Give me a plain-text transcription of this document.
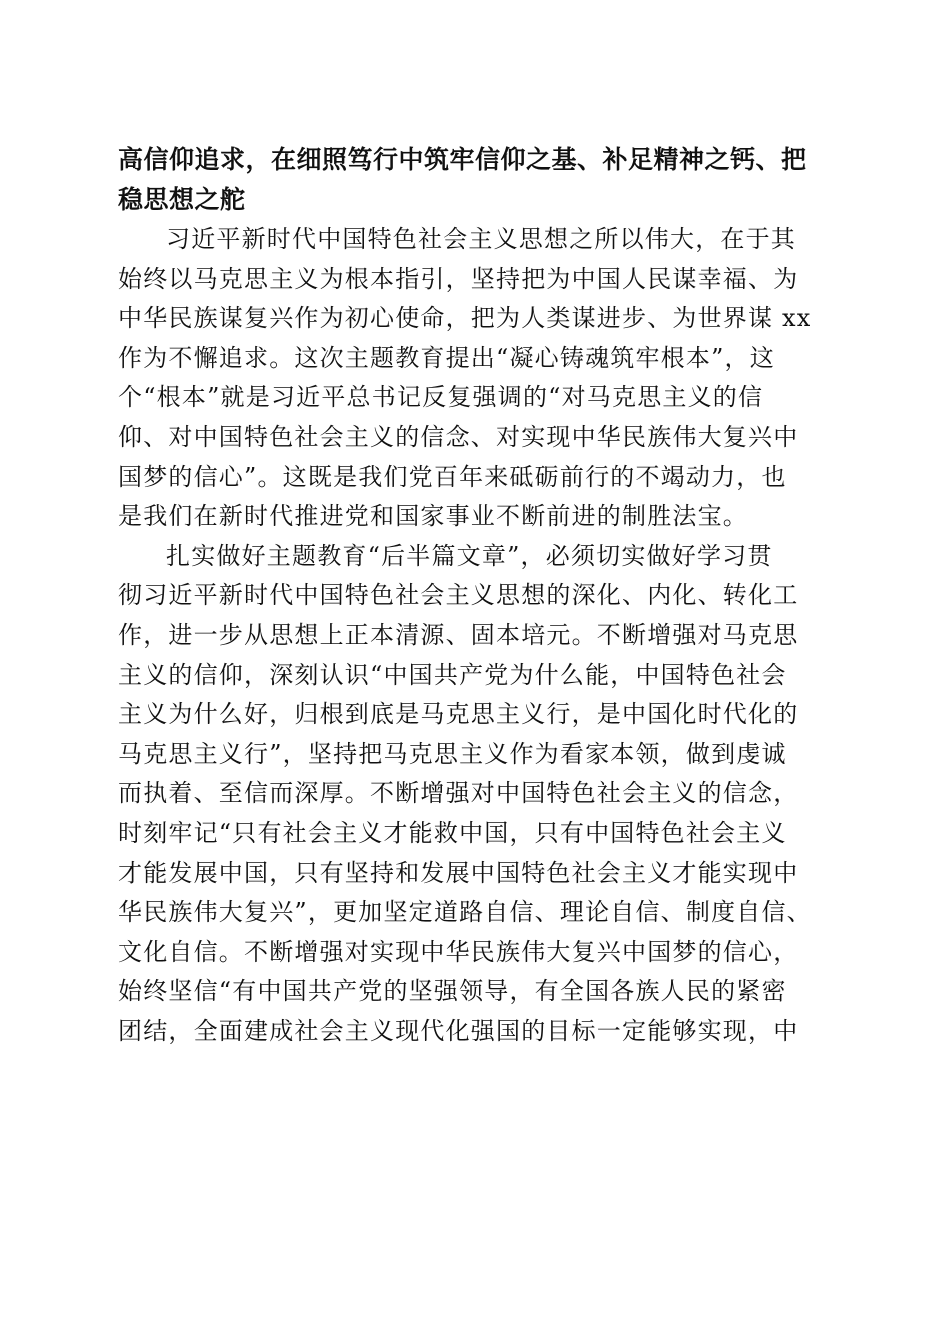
高信仰追求，在细照笃行中筑牢信仰之基、补足精神之钙、把
稳思想之舵
习近平新时代中国特色社会主义思想之所以伟大，在于其
始终以马克思主义为根本指引，坚持把为中国人民谋幸福、为
中华民族谋复兴作为初心使命，把为人类谋进步、为世界谋 xx
作为不懈追求。这次主题教育提出“凝心铸魂筑牢根本”，这
个“根本”就是习近平总书记反复强调的“对马克思主义的信
仰、对中国特色社会主义的信念、对实现中华民族伟大复兴中
国梦的信心”。这既是我们党百年来砥砺前行的不竭动力，也
是我们在新时代推进党和国家事业不断前进的制胜法宝。
扎实做好主题教育“后半篇文章”，必须切实做好学习贯
彻习近平新时代中国特色社会主义思想的深化、内化、转化工
作，进一步从思想上正本清源、固本培元。不断增强对马克思
主义的信仰，深刻认识“中国共产党为什么能，中国特色社会
主义为什么好，归根到底是马克思主义行，是中国化时代化的
马克思主义行”，坚持把马克思主义作为看家本领，做到虔诚
而执着、至信而深厚。不断增强对中国特色社会主义的信念，
时刻牢记“只有社会主义才能救中国，只有中国特色社会主义
才能发展中国，只有坚持和发展中国特色社会主义才能实现中
华民族伟大复兴”，更加坚定道路自信、理论自信、制度自信、
文化自信。不断增强对实现中华民族伟大复兴中国梦的信心，
始终坚信“有中国共产党的坚强领导，有全国各族人民的紧密
团结，全面建成社会主义现代化强国的目标一定能够实现，中
